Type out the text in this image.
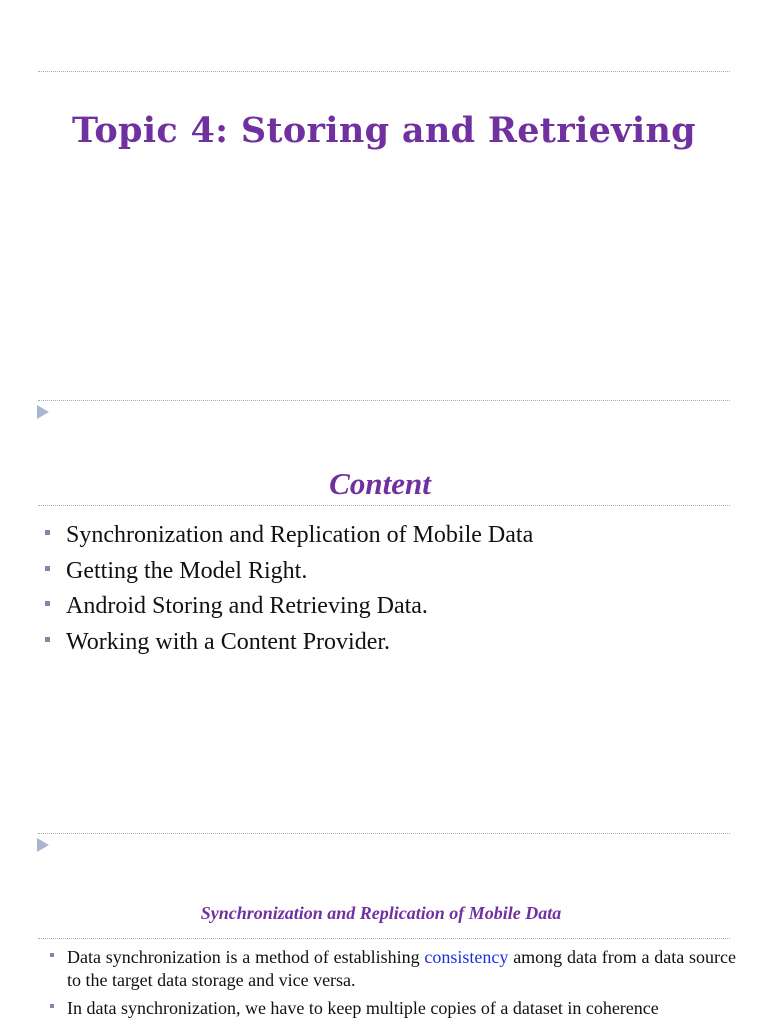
Topic 4: Storing and Retrieving
Content
Synchronization and Replication of Mobile Data
Getting the Model Right.
Android Storing and Retrieving Data.
Working with a Content Provider.
Synchronization and Replication of Mobile Data
Data synchronization is a method of establishing consistency among data from a data source to the target data storage and vice versa.
In data synchronization, we have to keep multiple copies of a dataset in coherence
